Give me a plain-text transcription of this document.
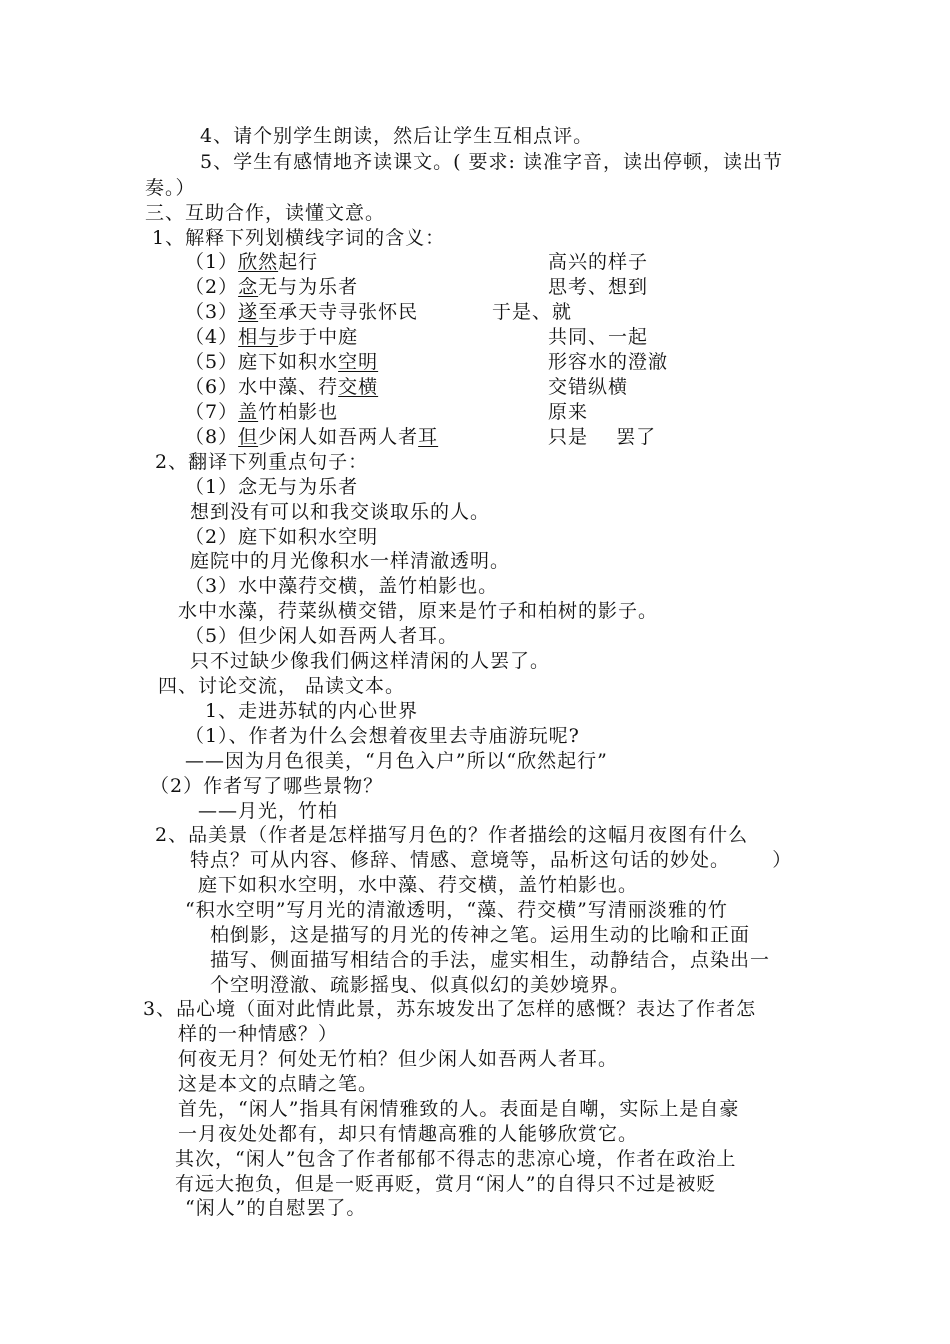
4、请个别学生朗读，然后让学生互相点评。
5、学生有感情地齐读课文。( 要求: 读准字音，读出停顿，读出节
奏。）
三、互助合作，读懂文意。
1、解释下列划横线字词的含义：
（1）欣然起行	高兴的样子
（2）念无与为乐者	思考、想到
（3）遂至承天寺寻张怀民	于是、就
（4）相与步于中庭	共同、一起
（5）庭下如积水空明	形容水的澄澈
（6）水中藻、荇交横	交错纵横
（7）盖竹柏影也	原来
（8）但少闲人如吾两人者耳	只是    罢了
2、翻译下列重点句子：
（1）念无与为乐者
想到没有可以和我交谈取乐的人。
（2）庭下如积水空明
庭院中的月光像积水一样清澈透明。
（3）水中藻荇交横，盖竹柏影也。
水中水藻，荇菜纵横交错，原来是竹子和柏树的影子。
（5）但少闲人如吾两人者耳。
只不过缺少像我们俩这样清闲的人罢了。
四、讨论交流， 品读文本。
1、走进苏轼的内心世界
（1）、作者为什么会想着夜里去寺庙游玩呢?
——因为月色很美，“月色入户”所以“欣然起行”
（2）作者写了哪些景物？
——月光，竹柏
2、品美景（作者是怎样描写月色的？作者描绘的这幅月夜图有什么
特点？可从内容、修辞、情感、意境等，品析这句话的妙处。      ）
庭下如积水空明，水中藻、荇交横，盖竹柏影也。
“积水空明”写月光的清澈透明，“藻、荇交横”写清丽淡雅的竹
柏倒影，这是描写的月光的传神之笔。运用生动的比喻和正面
描写、侧面描写相结合的手法，虚实相生，动静结合，点染出一
个空明澄澈、疏影摇曳、似真似幻的美妙境界。
3、品心境（面对此情此景，苏东坡发出了怎样的感慨？表达了作者怎
样的一种情感？）
何夜无月？何处无竹柏？但少闲人如吾两人者耳。
这是本文的点睛之笔。
首先，“闲人”指具有闲情雅致的人。表面是自嘲，实际上是自豪
一月夜处处都有，却只有情趣高雅的人能够欣赏它。
其次，“闲人”包含了作者郁郁不得志的悲凉心境，作者在政治上
有远大抱负，但是一贬再贬，赏月“闲人”的自得只不过是被贬
“闲人”的自慰罢了。
